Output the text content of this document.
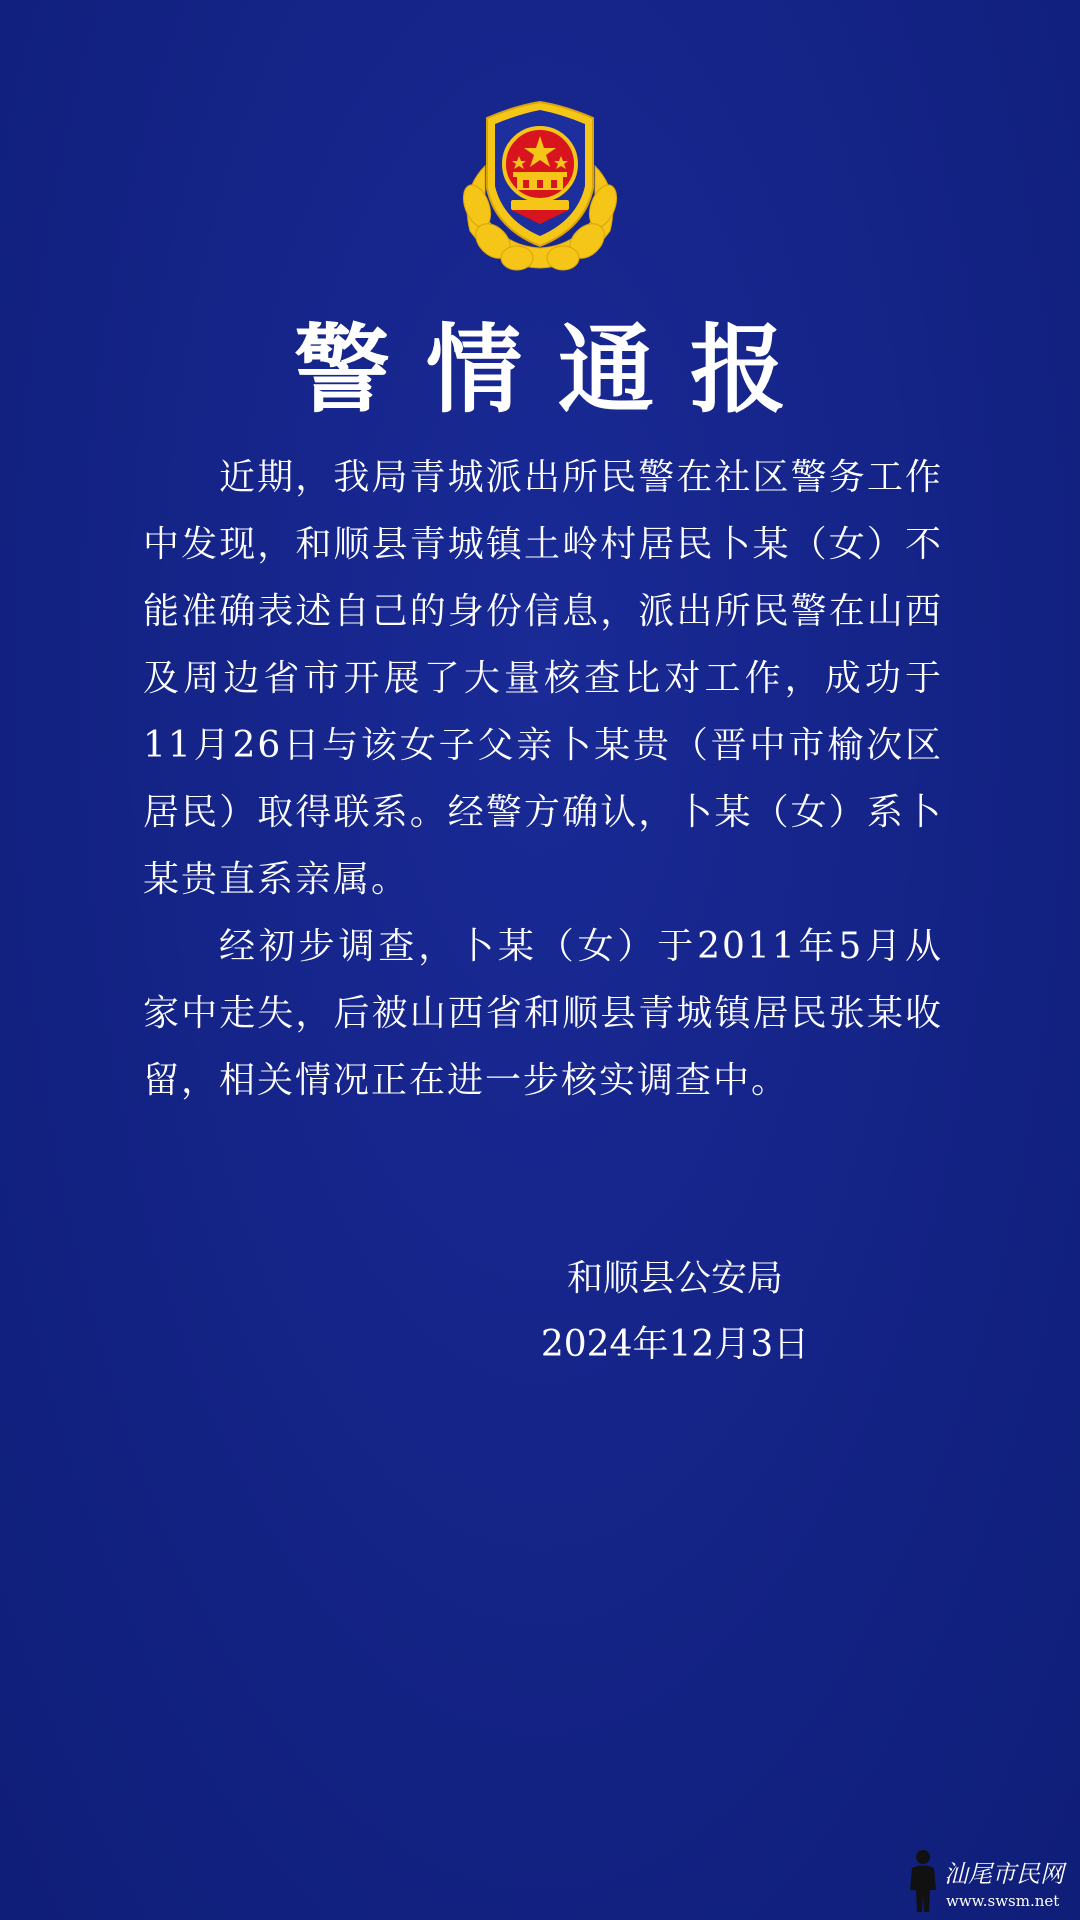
警情通报

近期，我局青城派出所民警在社区警务工作中发现，和顺县青城镇土岭村居民卜某（女）不能准确表述自己的身份信息，派出所民警在山西及周边省市开展了大量核查比对工作，成功于11月26日与该女子父亲卜某贵（晋中市榆次区居民）取得联系。经警方确认，卜某（女）系卜某贵直系亲属。

经初步调查，卜某（女）于2011年5月从家中走失，后被山西省和顺县青城镇居民张某收留，相关情况正在进一步核实调查中。

和顺县公安局
2024年12月3日
汕尾市民网
www.swsm.net
